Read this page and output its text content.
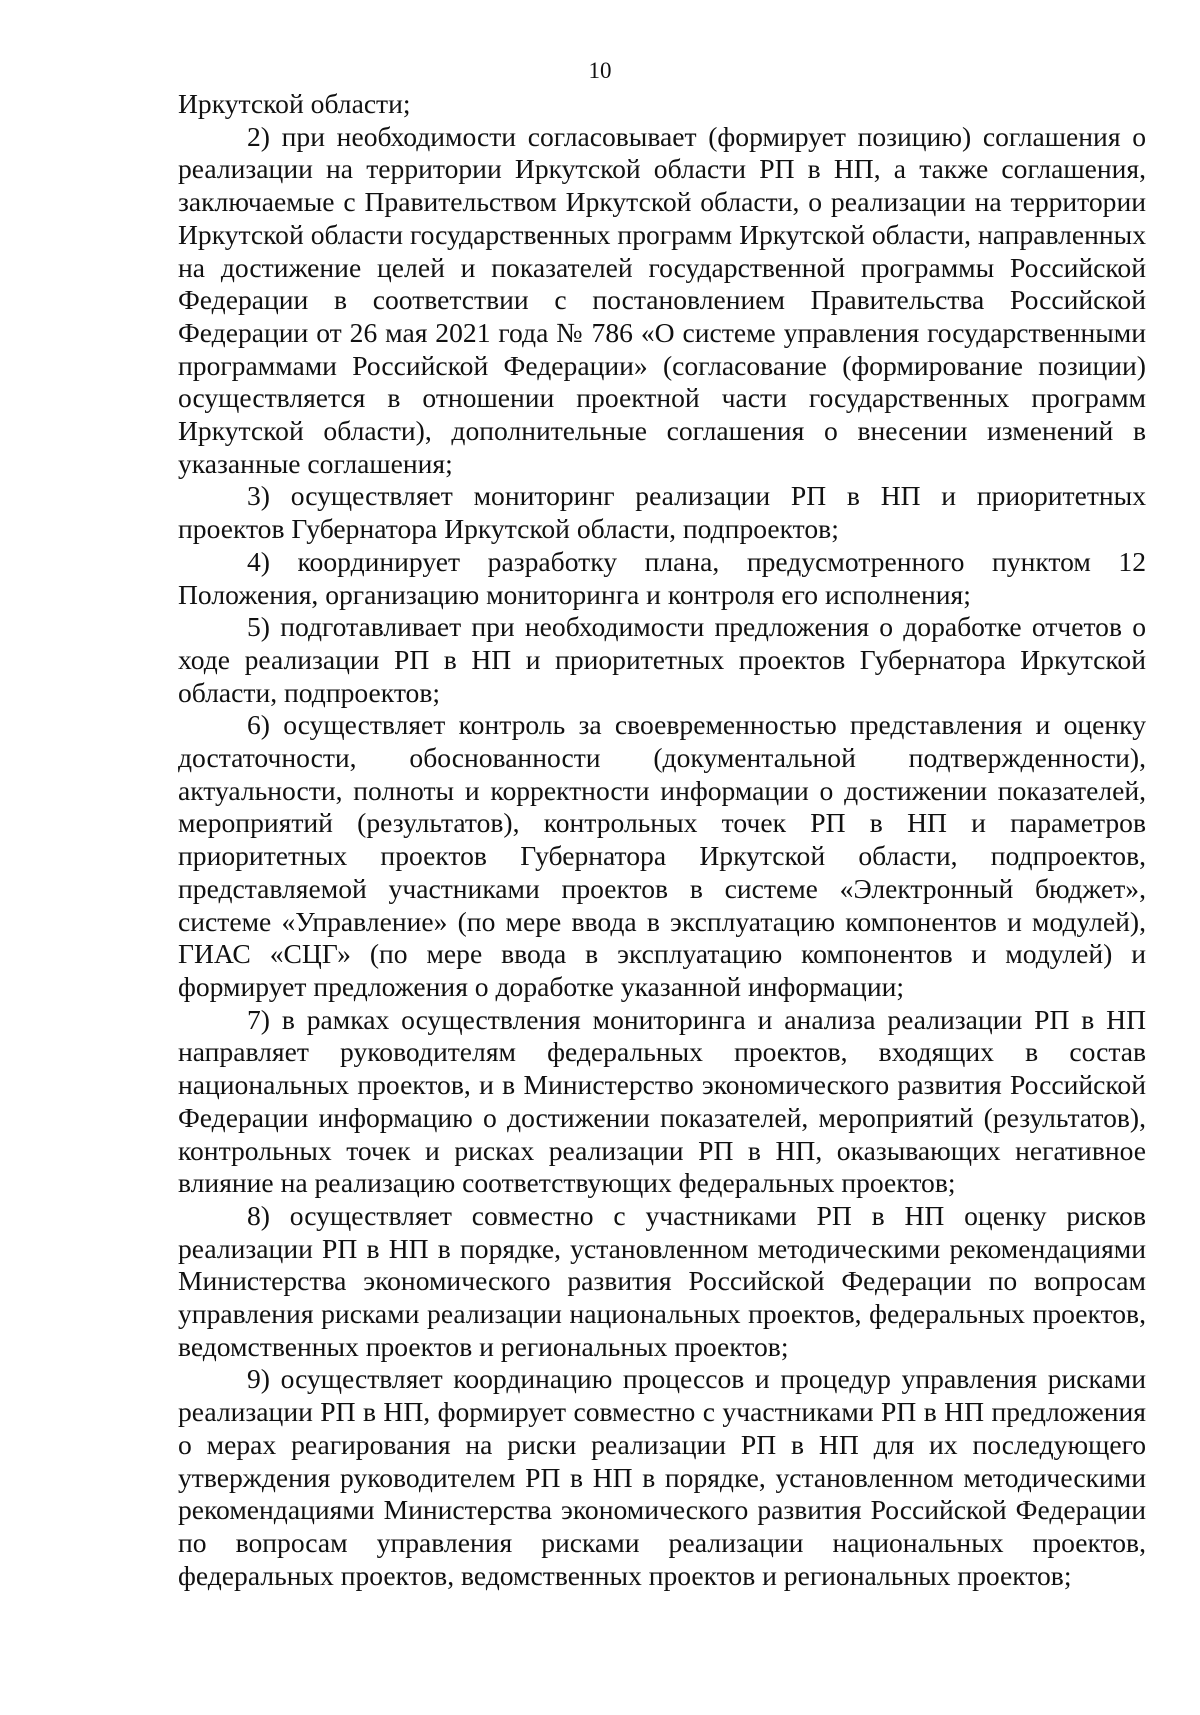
10

Иркутской области;

2) при необходимости согласовывает (формирует позицию) соглашения о реализации на территории Иркутской области РП в НП, а также соглашения, заключаемые с Правительством Иркутской области, о реализации на территории Иркутской области государственных программ Иркутской области, направленных на достижение целей и показателей государственной программы Российской Федерации в соответствии с постановлением Правительства Российской Федерации от 26 мая 2021 года № 786 «О системе управления государственными программами Российской Федерации» (согласование (формирование позиции) осуществляется в отношении проектной части государственных программ Иркутской области), дополнительные соглашения о внесении изменений в указанные соглашения;

3) осуществляет мониторинг реализации РП в НП и приоритетных проектов Губернатора Иркутской области, подпроектов;

4) координирует разработку плана, предусмотренного пунктом 12 Положения, организацию мониторинга и контроля его исполнения;

5) подготавливает при необходимости предложения о доработке отчетов о ходе реализации РП в НП и приоритетных проектов Губернатора Иркутской области, подпроектов;

6) осуществляет контроль за своевременностью представления и оценку достаточности, обоснованности (документальной подтвержденности), актуальности, полноты и корректности информации о достижении показателей, мероприятий (результатов), контрольных точек РП в НП и параметров приоритетных проектов Губернатора Иркутской области, подпроектов, представляемой участниками проектов в системе «Электронный бюджет», системе «Управление» (по мере ввода в эксплуатацию компонентов и модулей), ГИАС «СЦГ» (по мере ввода в эксплуатацию компонентов и модулей) и формирует предложения о доработке указанной информации;

7) в рамках осуществления мониторинга и анализа реализации РП в НП направляет руководителям федеральных проектов, входящих в состав национальных проектов, и в Министерство экономического развития Российской Федерации информацию о достижении показателей, мероприятий (результатов), контрольных точек и рисках реализации РП в НП, оказывающих негативное влияние на реализацию соответствующих федеральных проектов;

8) осуществляет совместно с участниками РП в НП оценку рисков реализации РП в НП в порядке, установленном методическими рекомендациями Министерства экономического развития Российской Федерации по вопросам управления рисками реализации национальных проектов, федеральных проектов, ведомственных проектов и региональных проектов;

9) осуществляет координацию процессов и процедур управления рисками реализации РП в НП, формирует совместно с участниками РП в НП предложения о мерах реагирования на риски реализации РП в НП для их последующего утверждения руководителем РП в НП в порядке, установленном методическими рекомендациями Министерства экономического развития Российской Федерации по вопросам управления рисками реализации национальных проектов, федеральных проектов, ведомственных проектов и региональных проектов;
